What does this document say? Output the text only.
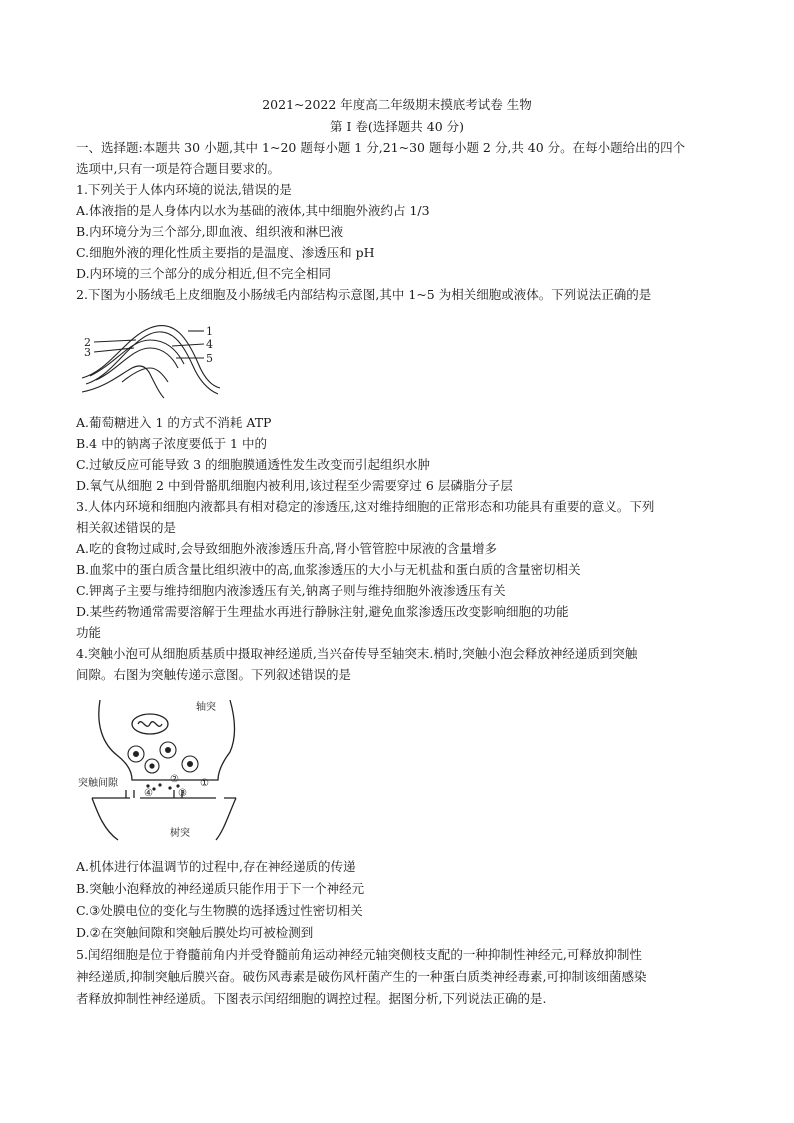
2021~2022 年度高二年级期末摸底考试卷 生物
第 I 卷(选择题共 40 分)
一、选择题:本题共 30 小题,其中 1~20 题每小题 1 分,21~30 题每小题 2 分,共 40 分。在每小题给出的四个
选项中,只有一项是符合题目要求的。
1.下列关于人体内环境的说法,错误的是
A.体液指的是人身体内以水为基础的液体,其中细胞外液约占 1/3
B.内环境分为三个部分,即血液、组织液和淋巴液
C.细胞外液的理化性质主要指的是温度、渗透压和 pH
D.内环境的三个部分的成分相近,但不完全相同
2.下图为小肠绒毛上皮细胞及小肠绒毛内部结构示意图,其中 1~5 为相关细胞或液体。下列说法正确的是
1
2
3
4
5
A.葡萄糖进入 1 的方式不消耗 ATP
B.4 中的钠离子浓度要低于 1 中的
C.过敏反应可能导致 3 的细胞膜通透性发生改变而引起组织水肿
D.氧气从细胞 2 中到骨骼肌细胞内被利用,该过程至少需要穿过 6 层磷脂分子层
3.人体内环境和细胞内液都具有相对稳定的渗透压,这对维持细胞的正常形态和功能具有重要的意义。下列
相关叙述错误的是
A.吃的食物过咸时,会导致细胞外液渗透压升高,肾小管管腔中尿液的含量增多
B.血浆中的蛋白质含量比组织液中的高,血浆渗透压的大小与无机盐和蛋白质的含量密切相关
C.钾离子主要与维持细胞内液渗透压有关,钠离子则与维持细胞外液渗透压有关
D.某些药物通常需要溶解于生理盐水再进行静脉注射,避免血浆渗透压改变影响细胞的功能
功能
4.突触小泡可从细胞质基质中摄取神经递质,当兴奋传导至轴突末.梢时,突触小泡会释放神经递质到突触
间隙。右图为突触传递示意图。下列叙述错误的是
轴突
突触间隙
树突
①
②
③
④
A.机体进行体温调节的过程中,存在神经递质的传递
B.突触小泡释放的神经递质只能作用于下一个神经元
C.③处膜电位的变化与生物膜的选择透过性密切相关
D.②在突触间隙和突触后膜处均可被检测到
5.闰绍细胞是位于脊髓前角内并受脊髓前角运动神经元轴突侧枝支配的一种抑制性神经元,可释放抑制性
神经递质,抑制突触后膜兴奋。破伤风毒素是破伤风杆菌产生的一种蛋白质类神经毒素,可抑制该细菌感染
者释放抑制性神经递质。下图表示闰绍细胞的调控过程。据图分析,下列说法正确的是.
